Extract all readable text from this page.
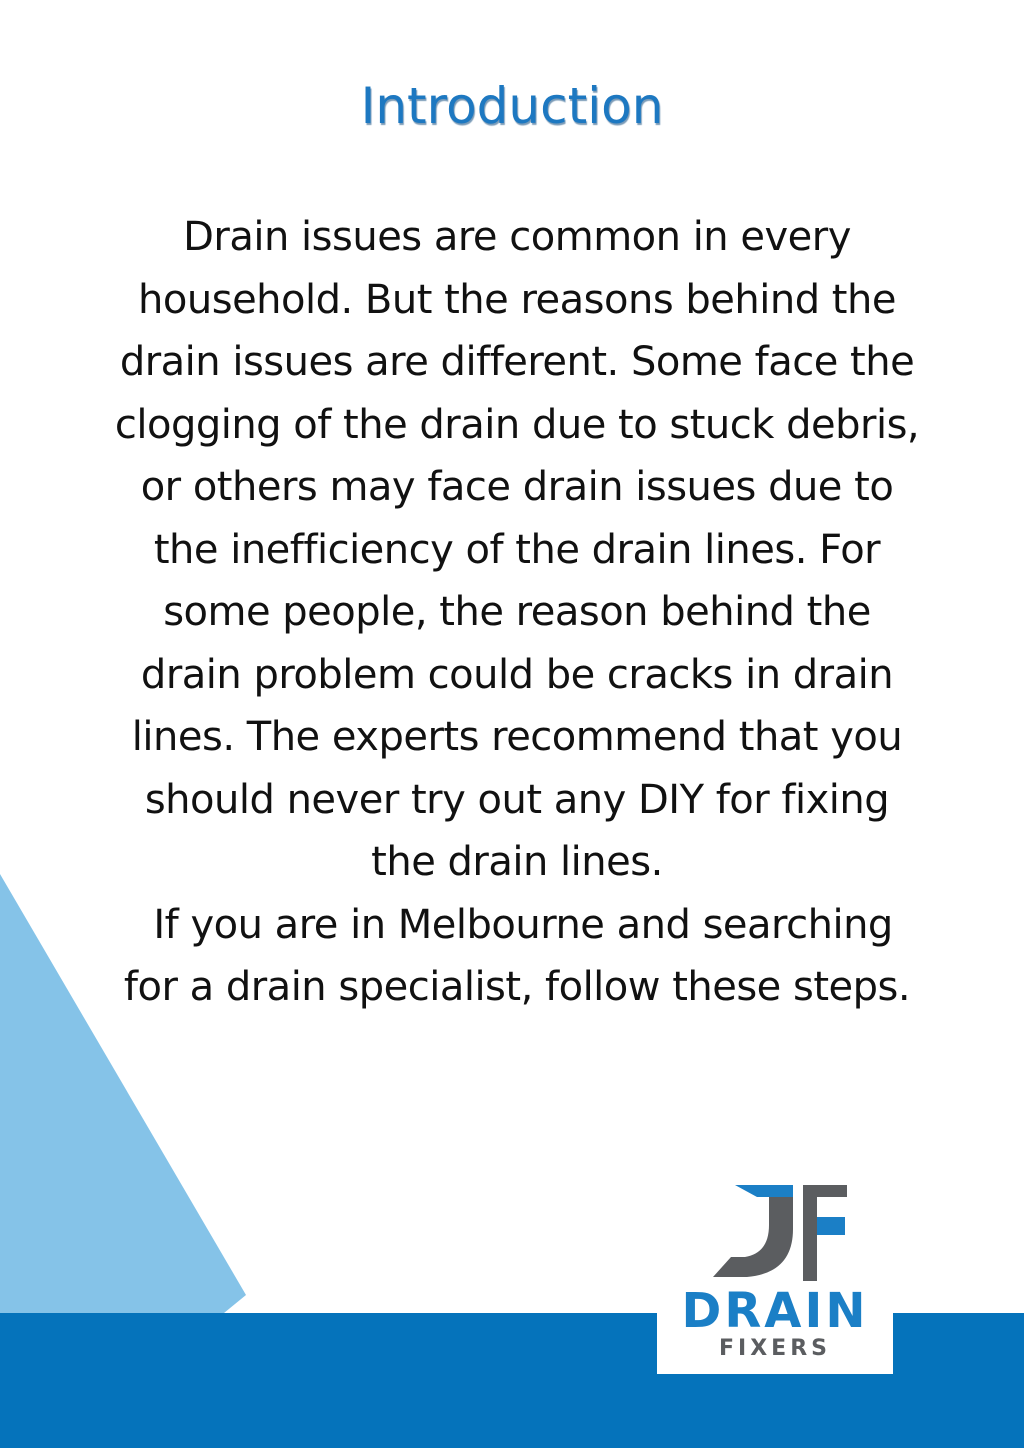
Introduction
Drain issues are common in every
household. But the reasons behind the
drain issues are different. Some face the
clogging of the drain due to stuck debris,
or others may face drain issues due to
the inefficiency of the drain lines. For
some people, the reason behind the
drain problem could be cracks in drain
lines. The experts recommend that you
should never try out any DIY for fixing
the drain lines.
If you are in Melbourne and searching
for a drain specialist, follow these steps.
DRAIN
FIXERS
